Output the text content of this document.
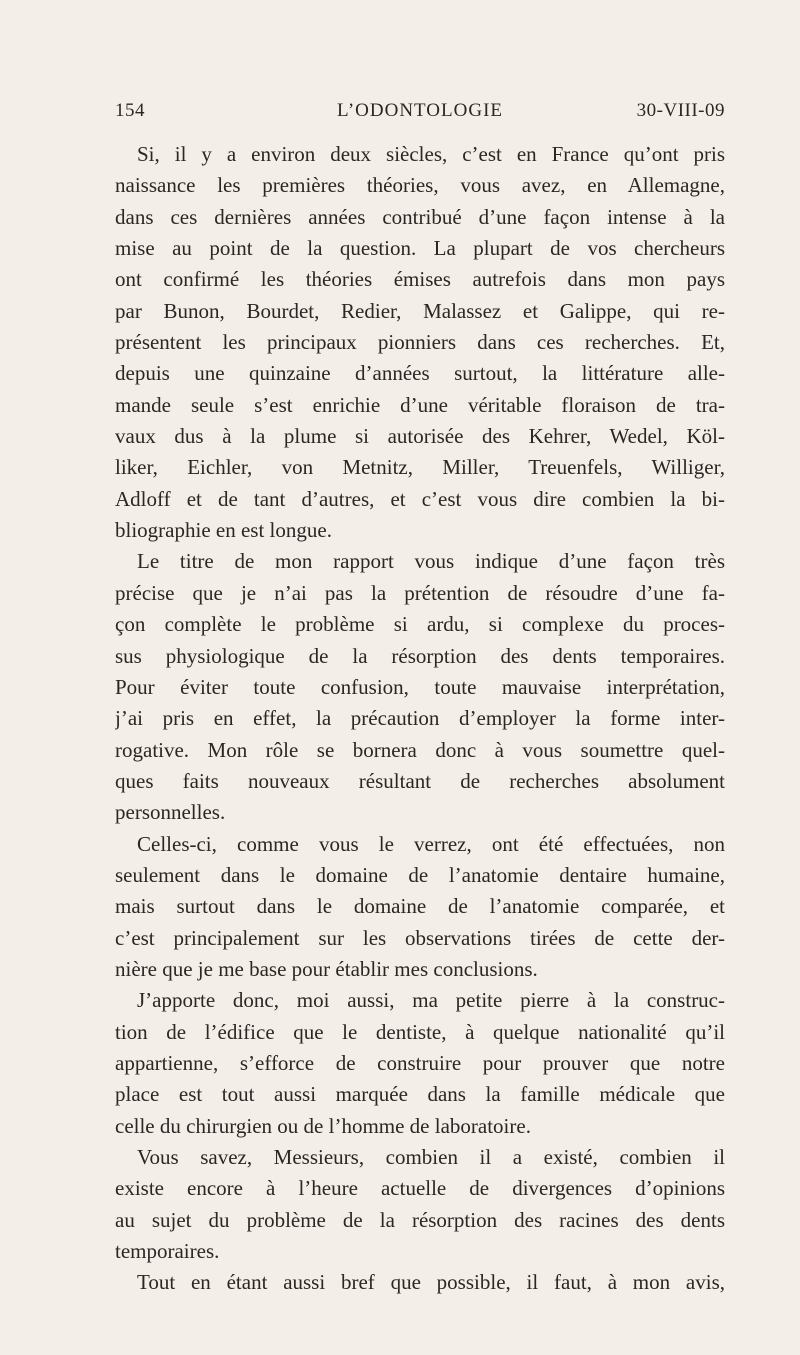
154	L’ODONTOLOGIE	30-VIII-09

Si, il y a environ deux siècles, c’est en France qu’ont pris
naissance les premières théories, vous avez, en Allemagne,
dans ces dernières années contribué d’une façon intense à la
mise au point de la question. La plupart de vos chercheurs
ont confirmé les théories émises autrefois dans mon pays
par Bunon, Bourdet, Redier, Malassez et Galippe, qui re-
présentent les principaux pionniers dans ces recherches. Et,
depuis une quinzaine d’années surtout, la littérature alle-
mande seule s’est enrichie d’une véritable floraison de tra-
vaux dus à la plume si autorisée des Kehrer, Wedel, Köl-
liker, Eichler, von Metnitz, Miller, Treuenfels, Williger,
Adloff et de tant d’autres, et c’est vous dire combien la bi-
bliographie en est longue.

Le titre de mon rapport vous indique d’une façon très
précise que je n’ai pas la prétention de résoudre d’une fa-
çon complète le problème si ardu, si complexe du proces-
sus physiologique de la résorption des dents temporaires.
Pour éviter toute confusion, toute mauvaise interprétation,
j’ai pris en effet, la précaution d’employer la forme inter-
rogative. Mon rôle se bornera donc à vous soumettre quel-
ques faits nouveaux résultant de recherches absolument
personnelles.

Celles-ci, comme vous le verrez, ont été effectuées, non
seulement dans le domaine de l’anatomie dentaire humaine,
mais surtout dans le domaine de l’anatomie comparée, et
c’est principalement sur les observations tirées de cette der-
nière que je me base pour établir mes conclusions.

J’apporte donc, moi aussi, ma petite pierre à la construc-
tion de l’édifice que le dentiste, à quelque nationalité qu’il
appartienne, s’efforce de construire pour prouver que notre
place est tout aussi marquée dans la famille médicale que
celle du chirurgien ou de l’homme de laboratoire.

Vous savez, Messieurs, combien il a existé, combien il
existe encore à l’heure actuelle de divergences d’opinions
au sujet du problème de la résorption des racines des dents
temporaires.

Tout en étant aussi bref que possible, il faut, à mon avis,
